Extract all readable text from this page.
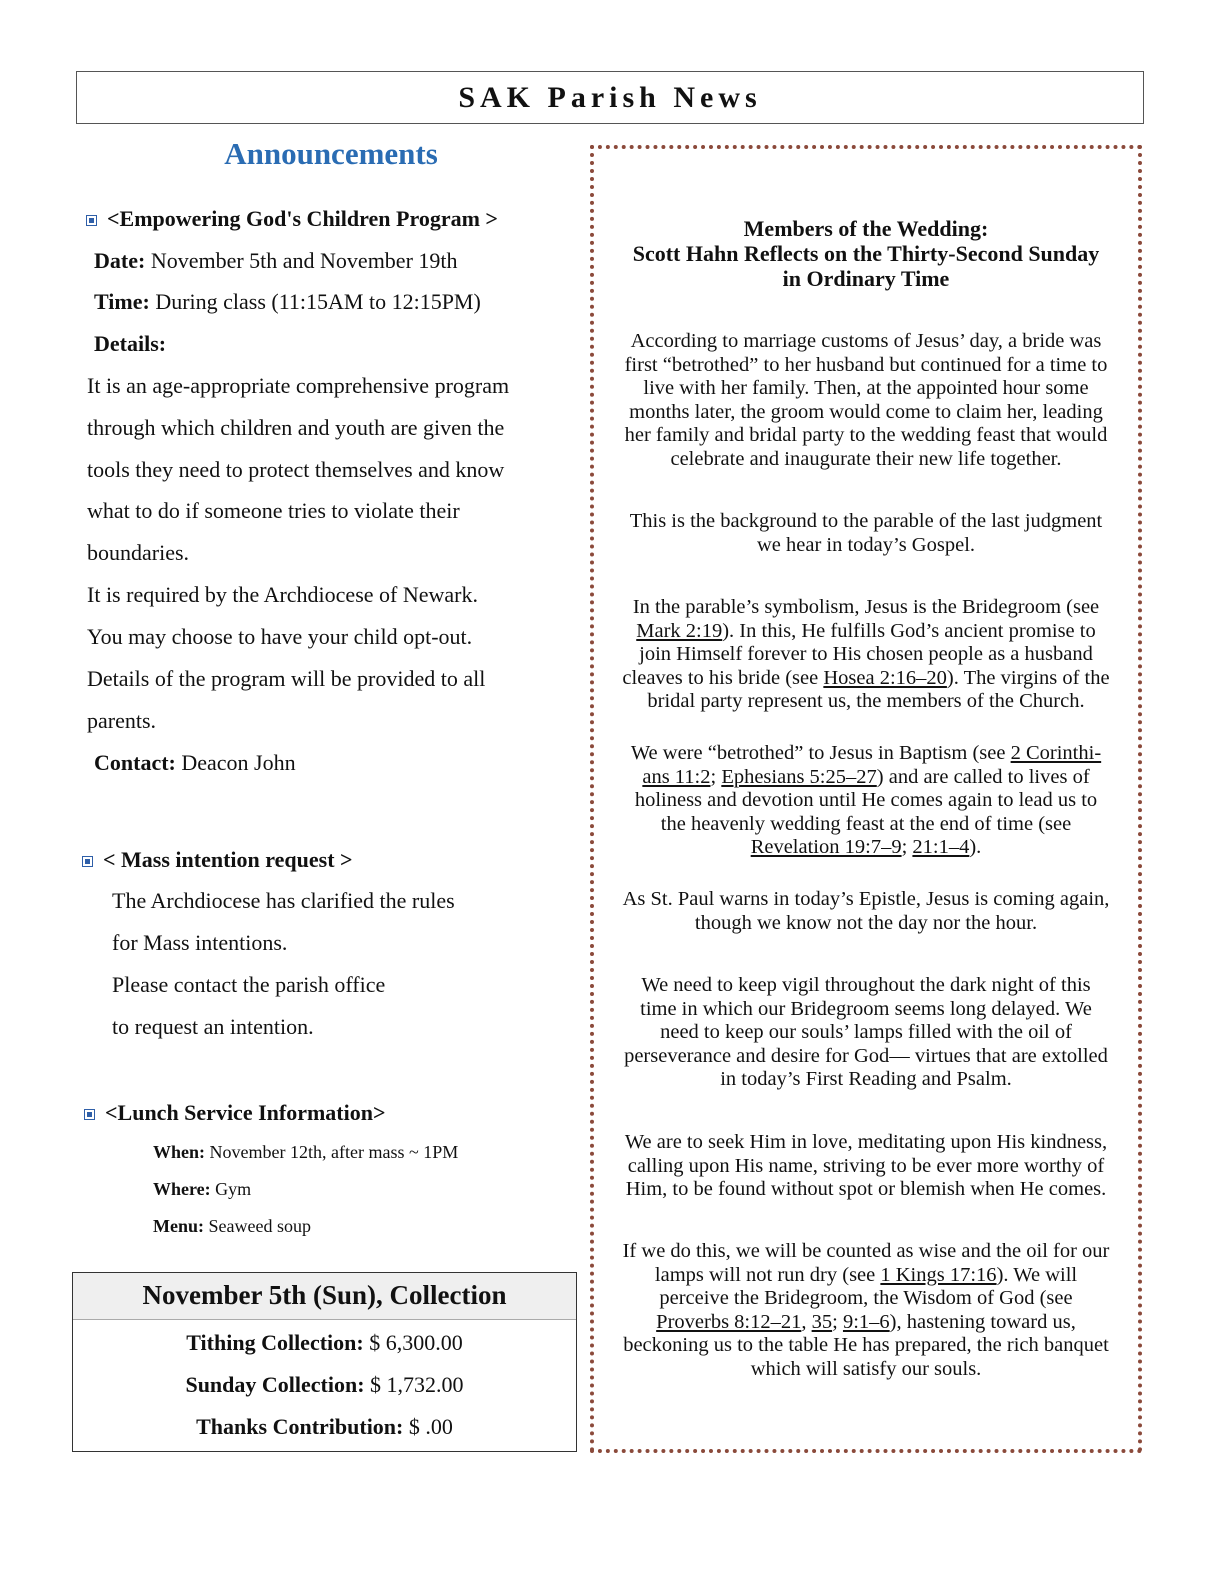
SAK Parish News
Announcements
<Empowering God's Children Program >
Date: November 5th and November 19th
Time: During class (11:15AM to 12:15PM)
Details:
It is an age-appropriate comprehensive program
through which children and youth are given the
tools they need to protect themselves and know
what to do if someone tries to violate their
boundaries.
It is required by the Archdiocese of Newark.
You may choose to have your child opt-out.
Details of the program will be provided to all
parents.
Contact: Deacon John
< Mass intention request >
The Archdiocese has clarified the rules
for Mass intentions.
Please contact the parish office
to request an intention.
<Lunch Service Information>
When: November 12th, after mass ~ 1PM
Where: Gym
Menu: Seaweed soup
November 5th (Sun), Collection
Tithing Collection: $ 6,300.00
Sunday Collection: $ 1,732.00
Thanks Contribution: $ .00
Members of the Wedding:
Scott Hahn Reflects on the Thirty-Second Sunday
in Ordinary Time
According to marriage customs of Jesus’ day, a bride was
first “betrothed” to her husband but continued for a time to
live with her family. Then, at the appointed hour some
months later, the groom would come to claim her, leading
her family and bridal party to the wedding feast that would
celebrate and inaugurate their new life together.
This is the background to the parable of the last judgment
we hear in today’s Gospel.
In the parable’s symbolism, Jesus is the Bridegroom (see
Mark 2:19). In this, He fulfills God’s ancient promise to
join Himself forever to His chosen people as a husband
cleaves to his bride (see Hosea 2:16–20). The virgins of the
bridal party represent us, the members of the Church.
We were “betrothed” to Jesus in Baptism (see 2 Corinthi-
ans 11:2; Ephesians 5:25–27) and are called to lives of
holiness and devotion until He comes again to lead us to
the heavenly wedding feast at the end of time (see
Revelation 19:7–9; 21:1–4).
As St. Paul warns in today’s Epistle, Jesus is coming again,
though we know not the day nor the hour.
We need to keep vigil throughout the dark night of this
time in which our Bridegroom seems long delayed. We
need to keep our souls’ lamps filled with the oil of
perseverance and desire for God— virtues that are extolled
in today’s First Reading and Psalm.
We are to seek Him in love, meditating upon His kindness,
calling upon His name, striving to be ever more worthy of
Him, to be found without spot or blemish when He comes.
If we do this, we will be counted as wise and the oil for our
lamps will not run dry (see 1 Kings 17:16). We will
perceive the Bridegroom, the Wisdom of God (see
Proverbs 8:12–21, 35; 9:1–6), hastening toward us,
beckoning us to the table He has prepared, the rich banquet
which will satisfy our souls.
